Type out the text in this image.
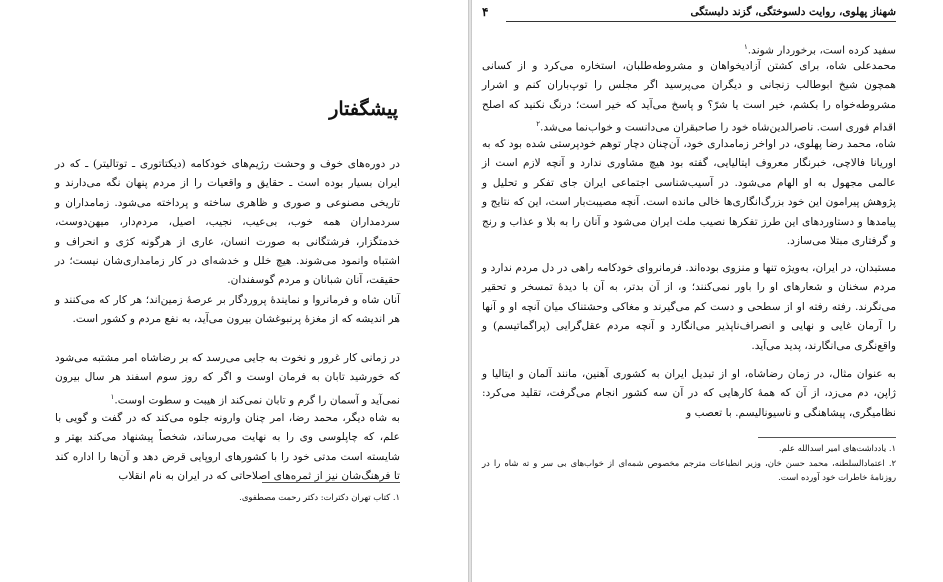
پیشگفتار

در دوره‌های خوف و وحشت رژیم‌های خودکامه (دیکتاتوری ـ توتالیتر) ـ که در ایران بسیار بوده است ـ حقایق و واقعیات را از مردم پنهان نگه می‌دارند و تاریخی مصنوعی و صوری و ظاهری ساخته و پرداخته می‌شود. زمامداران و سردمداران همه خوب، بی‌عیب، نجیب، اصیل، مردم‌دار، میهن‌دوست، خدمتگزار، فرشتگانی به صورت انسان، عاری از هرگونه کژی و انحراف و اشتباه وانمود می‌شوند. هیچ خلل و خدشه‌ای در کار زمامداری‌شان نیست؛ در حقیقت، آنان شبانان و مردم گوسفندان.

آنان شاه و فرمانروا و نمایندهٔ پروردگار بر عرصهٔ زمین‌اند؛ هر کار که می‌کنند و هر اندیشه که از مغزهٔ پرنبوغشان بیرون می‌آید، به نفع مردم و کشور است.

در زمانی کار غرور و نخوت به جایی می‌رسد که بر رضاشاه امر مشتبه می‌شود که خورشید تابان به فرمان اوست و اگر که روز سوم اسفند هر سال بیرون نمی‌آید و آسمان را گرم و تابان نمی‌کند از هیبت و سطوت اوست.$^۱$

به شاه دیگر، محمد رضا، امر چنان وارونه جلوه می‌کند که در گفت و گویی با علم، که چاپلوسی وی را به نهایت می‌رساند، شخصاً پیشنهاد می‌کند بهتر و شایسته است مدتی خود را با کشورهای اروپایی قرض دهد و آن‌ها را اداره کند تا فرهنگ‌شان نیز از ثمره‌های اصلاحاتی که در ایران به نام انقلاب

۱. کتاب تهران دکترات: دکتر رحمت مصطفوی.

۴	شهناز پهلوی، روایت دلسوختگی، گزند دلبستگی

سفید کرده است، برخوردار شوند.$^۱$

محمدعلی شاه، برای کشتن آزادیخواهان و مشروطه‌طلبان، استخاره می‌کرد و از کسانی همچون شیخ ابوطالب زنجانی و دیگران می‌پرسید اگر مجلس را توپ‌باران کنم و اشرار مشروطه‌خواه را بکشم، خیر است یا شرّ؟ و پاسخ می‌آید که خیر است؛ درنگ نکنید که اصلح اقدام فوری است. ناصرالدین‌شاه خود را صاحبقران می‌دانست و خواب‌نما می‌شد.$^۲$

شاه، محمد رضا پهلوی، در اواخر زمامداری خود، آن‌چنان دچار توهم خودپرستی شده بود که به اوریانا فالاچی، خبرنگار معروف ایتالیایی، گفته بود هیچ مشاوری ندارد و آنچه لازم است از عالمی مجهول به او الهام می‌شود. در آسیب‌شناسی اجتماعی ایران جای تفکر و تحلیل و پژوهش پیرامون این خود بزرگ‌انگاری‌ها خالی مانده است. آنچه مصیبت‌بار است، این که نتایج و پیامدها و دستاوردهای این طرز تفکرها نصیب ملت ایران می‌شود و آنان را به بلا و عذاب و رنج و گرفتاری مبتلا می‌سازد.

مستبدان، در ایران، به‌ویژه تنها و منزوی بوده‌اند. فرمانروای خودکامه راهی در دل مردم ندارد و مردم سخنان و شعارهای او را باور نمی‌کنند؛ و، از آن بدتر، به آن با دیدهٔ تمسخر و تحقیر می‌نگرند. رفته رفته او از سطحی و دست کم می‌گیرند و مغاکی وحشتناک میان آنچه او و آنها را آرمان غایی و نهایی و انصراف‌ناپذیر می‌انگارد و آنچه مردم عقل‌گرایی (پراگماتیسم) و واقع‌نگری می‌انگارند، پدید می‌آید.

به عنوان مثال، در زمان رضاشاه، او از تبدیل ایران به کشوری آهنین، مانند آلمان و ایتالیا و ژاپن، دم می‌زد، از آن که همهٔ کارهایی که در آن سه کشور انجام می‌گرفت، تقلید می‌کرد: نظامیگری، پیشاهنگی و ناسیونالیسم. با تعصب و

۱. یادداشت‌های امیر اسدالله علم.

۲. اعتمادالسلطنه، محمد حسن خان، وزیر انطباعات مترجم مخصوص شمه‌ای از خواب‌های بی سر و ته شاه را در روزنامهٔ خاطرات خود آورده است.
